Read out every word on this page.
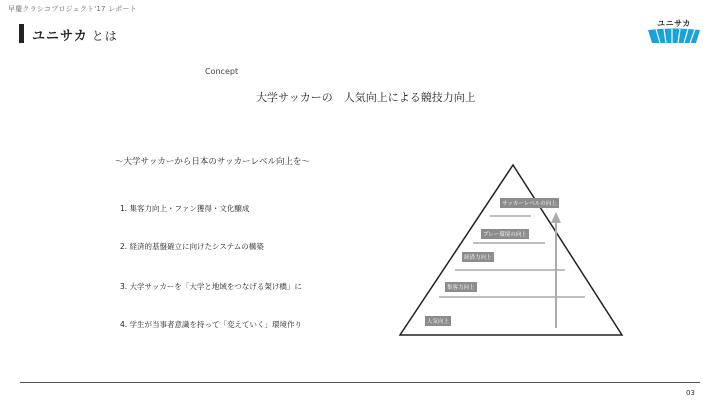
早慶クラシコプロジェクト'17 レポート
ユニサカ とは
ユニサカ
Concept
大学サッカーの　人気向上による競技力向上
〜大学サッカーから日本のサッカーレベル向上を〜
1. 集客力向上・ファン獲得・文化醸成
2. 経済的基盤確立に向けたシステムの構築
3. 大学サッカーを「大学と地域をつなげる架け橋」に
4. 学生が当事者意識を持って「変えていく」環境作り
サッカーレベルの向上
プレー環境の向上
経済力向上
集客力向上
人気向上
03
